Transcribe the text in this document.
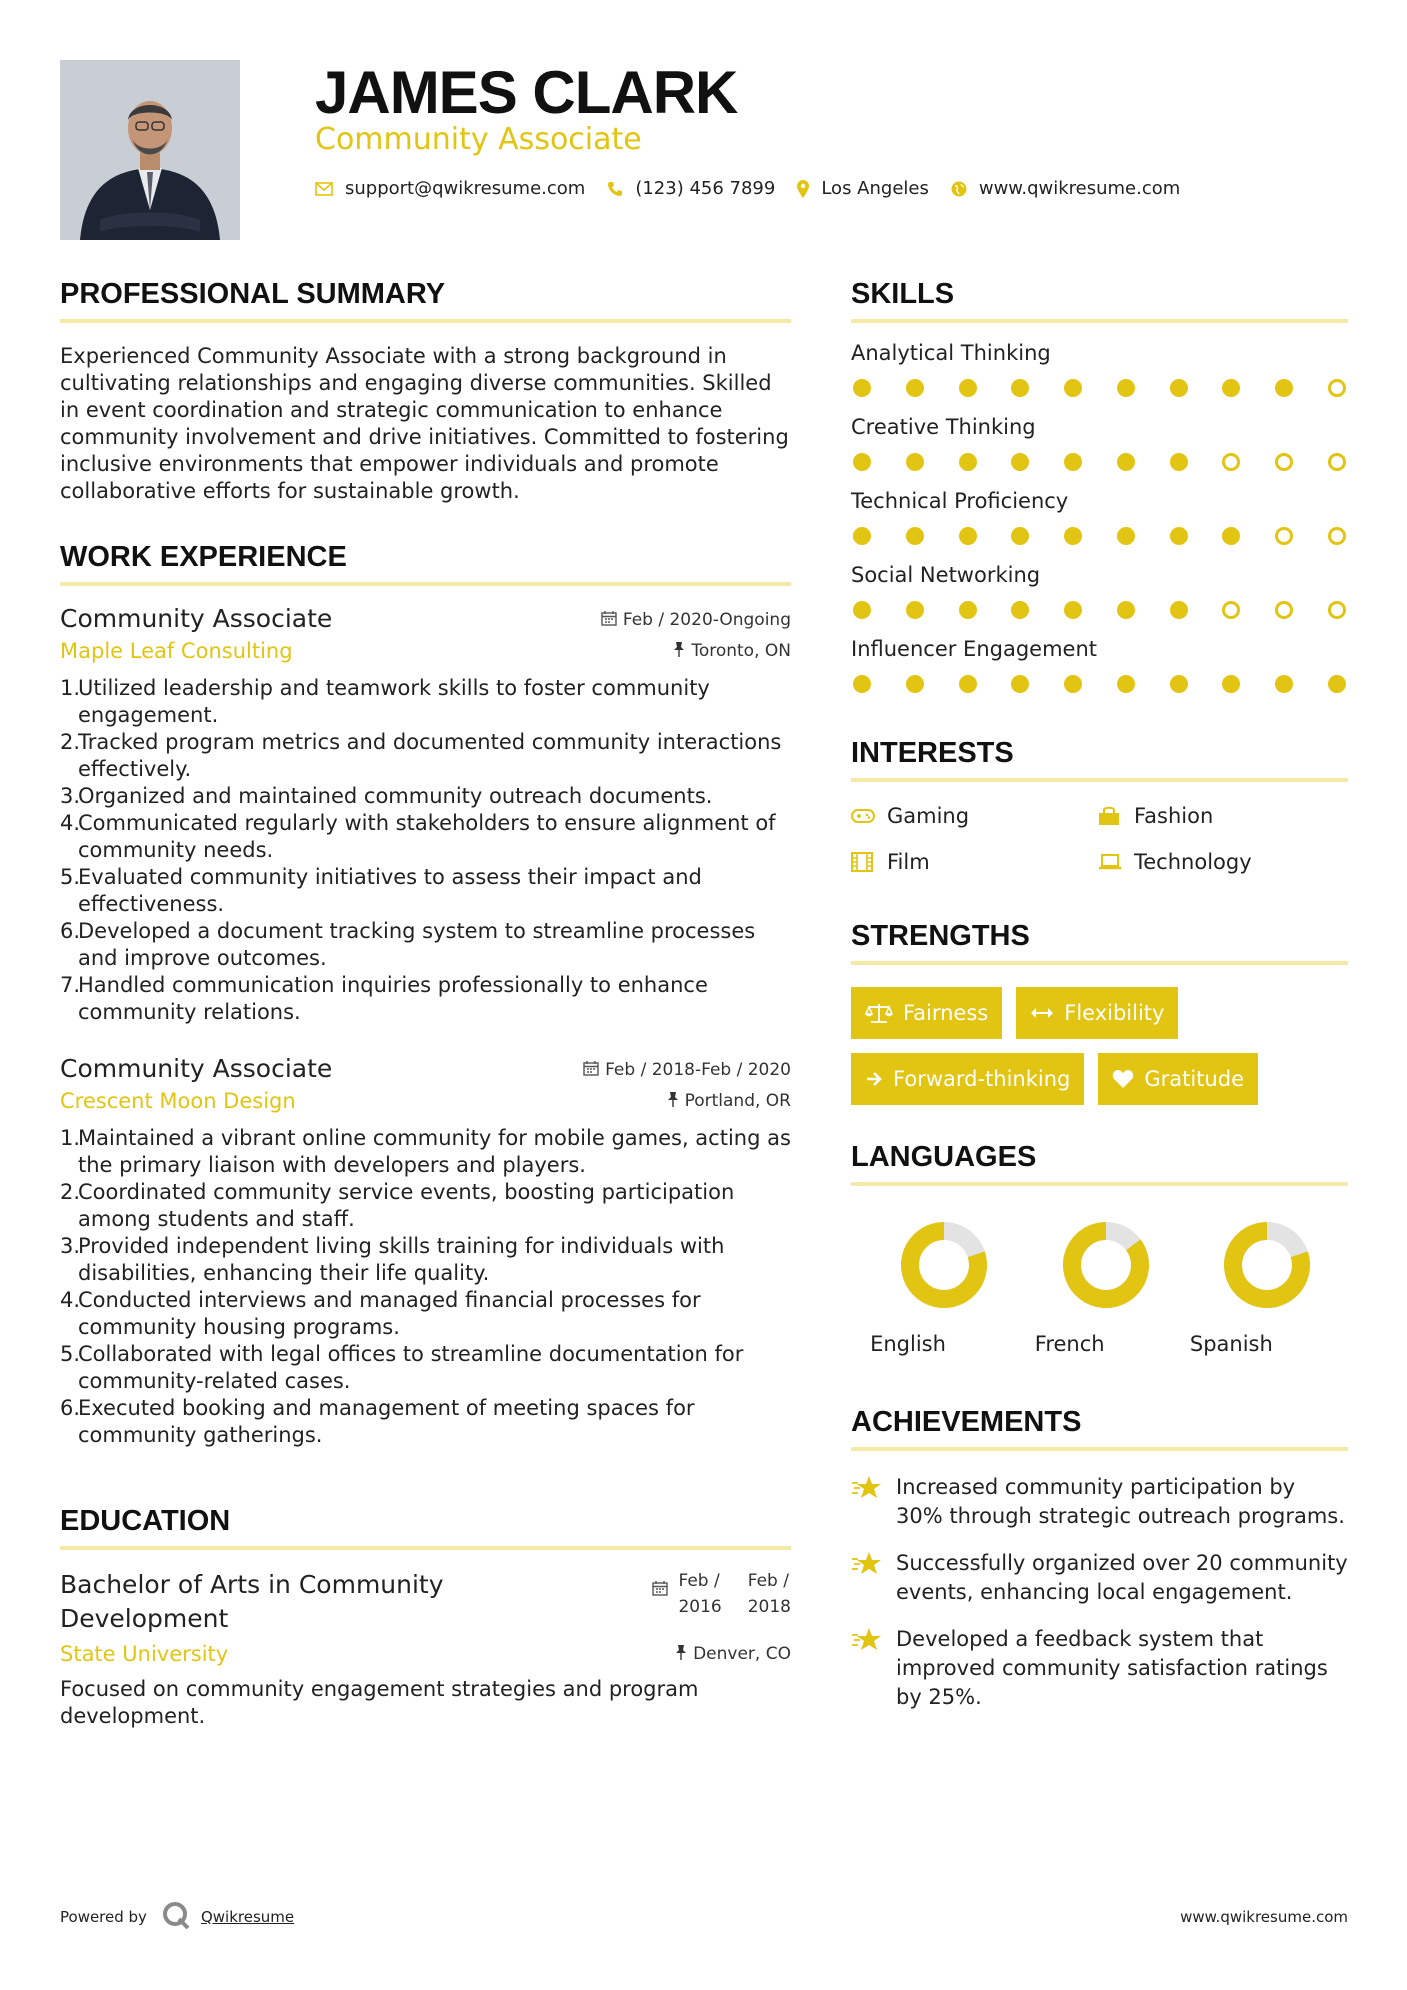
JAMES CLARK
Community Associate
support@qwikresume.com	(123) 456 7899	Los Angeles	www.qwikresume.com
PROFESSIONAL SUMMARY
Experienced Community Associate with a strong background in cultivating relationships and engaging diverse communities. Skilled in event coordination and strategic communication to enhance community involvement and drive initiatives. Committed to fostering inclusive environments that empower individuals and promote collaborative efforts for sustainable growth.
WORK EXPERIENCE
Community Associate	Feb / 2020-Ongoing
Maple Leaf Consulting	Toronto, ON
1.
Utilized leadership and teamwork skills to foster community engagement.
2.
Tracked program metrics and documented community interactions effectively.
3.
Organized and maintained community outreach documents.
4.
Communicated regularly with stakeholders to ensure alignment of community needs.
5.
Evaluated community initiatives to assess their impact and effectiveness.
6.
Developed a document tracking system to streamline processes and improve outcomes.
7.
Handled communication inquiries professionally to enhance community relations.
Community Associate	Feb / 2018-Feb / 2020
Crescent Moon Design	Portland, OR
1.
Maintained a vibrant online community for mobile games, acting as the primary liaison with developers and players.
2.
Coordinated community service events, boosting participation among students and staff.
3.
Provided independent living skills training for individuals with disabilities, enhancing their life quality.
4.
Conducted interviews and managed financial processes for community housing programs.
5.
Collaborated with legal offices to streamline documentation for community-related cases.
6.
Executed booking and management of meeting spaces for community gatherings.
EDUCATION
Bachelor of Arts in Community Development
Feb /
2016
Feb /
2018
State University	Denver, CO
Focused on community engagement strategies and program development.
SKILLS
Analytical Thinking
Creative Thinking
Technical Proficiency
Social Networking
Influencer Engagement
INTERESTS
Gaming	Fashion
Film	Technology
STRENGTHS
Fairness	Flexibility
Forward-thinking	Gratitude
LANGUAGES
English	French	Spanish
ACHIEVEMENTS
Increased community participation by 30% through strategic outreach programs.
Successfully organized over 20 community events, enhancing local engagement.
Developed a feedback system that improved community satisfaction ratings by 25%.
Powered by	Qwikresume	www.qwikresume.com
